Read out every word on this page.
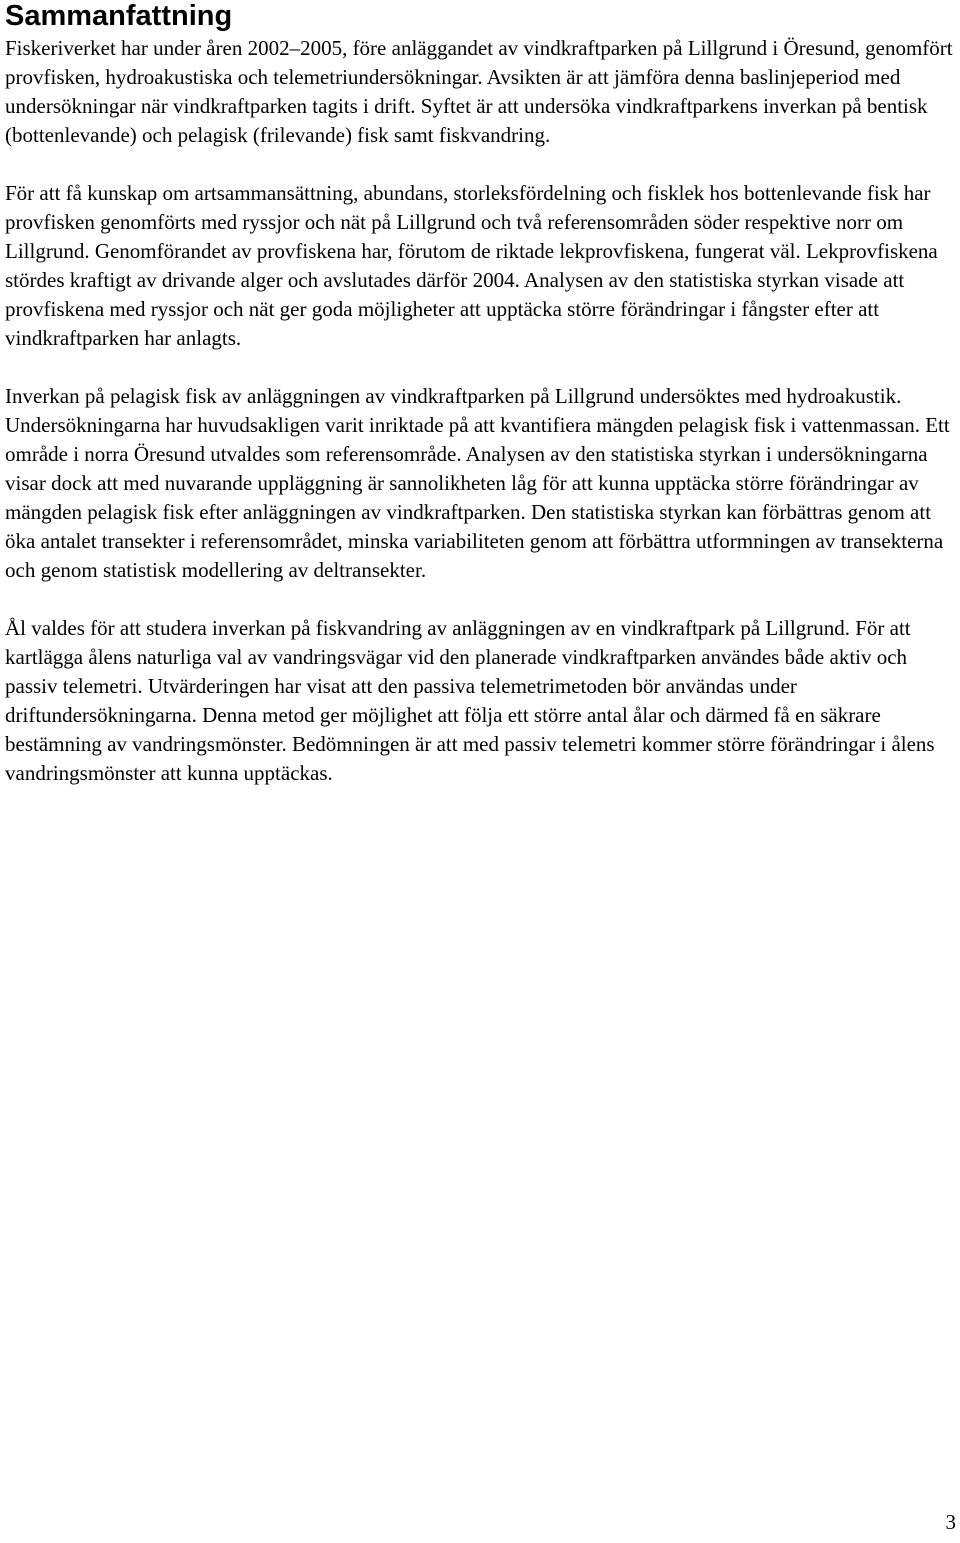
Sammanfattning

Fiskeriverket har under åren 2002–2005, före anläggandet av vindkraftparken på Lillgrund i Öresund, genomfört provfisken, hydroakustiska och telemetriundersökningar. Avsikten är att jämföra denna baslinjeperiod med undersökningar när vindkraftparken tagits i drift. Syftet är att undersöka vindkraftparkens inverkan på bentisk (bottenlevande) och pelagisk (frilevande) fisk samt fiskvandring.

För att få kunskap om artsammansättning, abundans, storleksfördelning och fisklek hos bottenlevande fisk har provfisken genomförts med ryssjor och nät på Lillgrund och två referensområden söder respektive norr om Lillgrund. Genomförandet av provfiskena har, förutom de riktade lekprovfiskena, fungerat väl. Lekprovfiskena stördes kraftigt av drivande alger och avslutades därför 2004. Analysen av den statistiska styrkan visade att provfiskena med ryssjor och nät ger goda möjligheter att upptäcka större förändringar i fångster efter att vindkraftparken har anlagts.

Inverkan på pelagisk fisk av anläggningen av vindkraftparken på Lillgrund undersöktes med hydroakustik. Undersökningarna har huvudsakligen varit inriktade på att kvantifiera mängden pelagisk fisk i vattenmassan. Ett område i norra Öresund utvaldes som referensområde. Analysen av den statistiska styrkan i undersökningarna visar dock att med nuvarande uppläggning är sannolikheten låg för att kunna upptäcka större förändringar av mängden pelagisk fisk efter anläggningen av vindkraftparken. Den statistiska styrkan kan förbättras genom att öka antalet transekter i referensområdet, minska variabiliteten genom att förbättra utformningen av transekterna och genom statistisk modellering av deltransekter.

Ål valdes för att studera inverkan på fiskvandring av anläggningen av en vindkraftpark på Lillgrund. För att kartlägga ålens naturliga val av vandringsvägar vid den planerade vindkraftparken användes både aktiv och passiv telemetri. Utvärderingen har visat att den passiva telemetrimetoden bör användas under driftundersökningarna. Denna metod ger möjlighet att följa ett större antal ålar och därmed få en säkrare bestämning av vandringsmönster. Bedömningen är att med passiv telemetri kommer större förändringar i ålens vandringsmönster att kunna upptäckas.

3
